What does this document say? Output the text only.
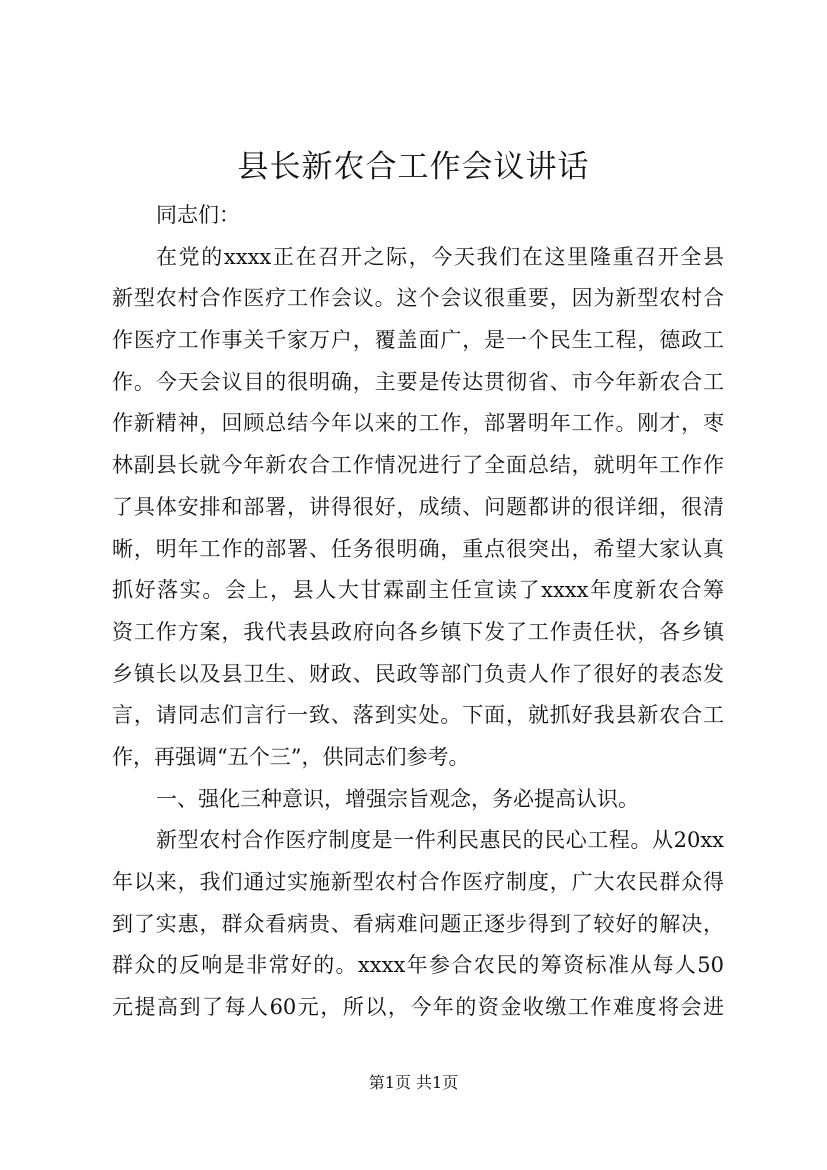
县长新农合工作会议讲话
同志们：
在党的xxxx正在召开之际，今天我们在这里隆重召开全县
新型农村合作医疗工作会议。这个会议很重要，因为新型农村合
作医疗工作事关千家万户，覆盖面广，是一个民生工程，德政工
作。今天会议目的很明确，主要是传达贯彻省、市今年新农合工
作新精神，回顾总结今年以来的工作，部署明年工作。刚才，枣
林副县长就今年新农合工作情况进行了全面总结，就明年工作作
了具体安排和部署，讲得很好，成绩、问题都讲的很详细，很清
晰，明年工作的部署、任务很明确，重点很突出，希望大家认真
抓好落实。会上，县人大甘霖副主任宣读了xxxx年度新农合筹
资工作方案，我代表县政府向各乡镇下发了工作责任状，各乡镇
乡镇长以及县卫生、财政、民政等部门负责人作了很好的表态发
言，请同志们言行一致、落到实处。下面，就抓好我县新农合工
作，再强调“五个三”，供同志们参考。
一、强化三种意识，增强宗旨观念，务必提高认识。
新型农村合作医疗制度是一件利民惠民的民心工程。从20xx
年以来，我们通过实施新型农村合作医疗制度，广大农民群众得
到了实惠，群众看病贵、看病难问题正逐步得到了较好的解决，
群众的反响是非常好的。xxxx年参合农民的筹资标准从每人50
元提高到了每人60元，所以，今年的资金收缴工作难度将会进
第1页 共1页
